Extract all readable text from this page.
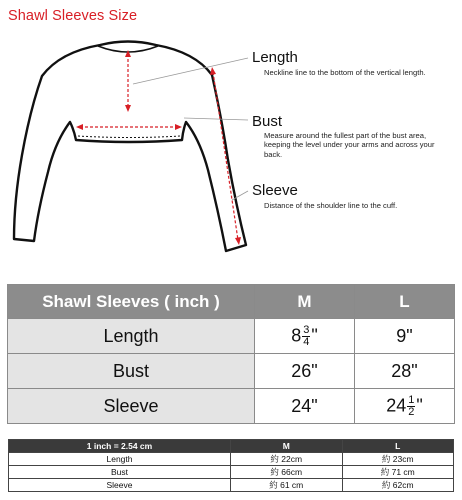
Shawl Sleeves Size
Length
Neckline line to the bottom of the vertical length.
Bust
Measure around the fullest part of the bust area, keeping the level under your arms and across your back.
Sleeve
Distance of the shoulder line to the cuff.
Shawl Sleeves ( inch )	M	L
Length	$8 \frac{3}{4}$ "	9"
Bust	26"	28"
Sleeve	24"	$24 \frac{1}{2}$ "
1 inch = 2.54 cm	M	L
Length	約 22cm	約 23cm
Bust	約 66cm	約 71 cm
Sleeve	約 61 cm	約 62cm
